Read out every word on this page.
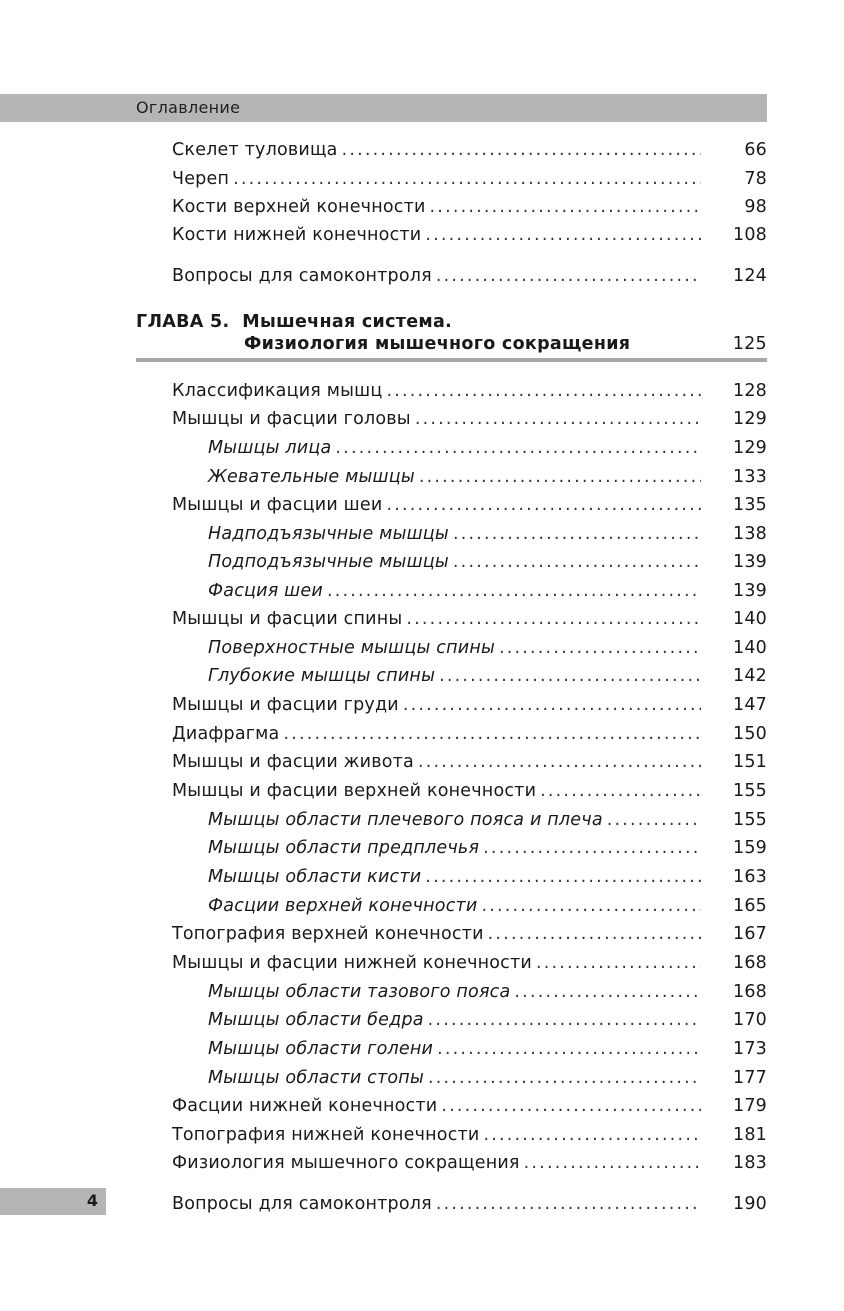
Оглавление
Скелет туловища .....	66
Череп .....	78
Кости верхней конечности .....	98
Кости нижней конечности .....	108
Вопросы для самоконтроля .....	124
ГЛАВА 5. Мышечная система.
Физиология мышечного сокращения	125
Классификация мышц .....	128
Мышцы и фасции головы .....	129
Мышцы лица .....	129
Жевательные мышцы .....	133
Мышцы и фасции шеи .....	135
Надподъязычные мышцы .....	138
Подподъязычные мышцы .....	139
Фасция шеи .....	139
Мышцы и фасции спины .....	140
Поверхностные мышцы спины .....	140
Глубокие мышцы спины .....	142
Мышцы и фасции груди .....	147
Диафрагма .....	150
Мышцы и фасции живота .....	151
Мышцы и фасции верхней конечности .....	155
Мышцы области плечевого пояса и плеча .....	155
Мышцы области предплечья .....	159
Мышцы области кисти .....	163
Фасции верхней конечности .....	165
Топография верхней конечности .....	167
Мышцы и фасции нижней конечности .....	168
Мышцы области тазового пояса .....	168
Мышцы области бедра .....	170
Мышцы области голени .....	173
Мышцы области стопы .....	177
Фасции нижней конечности .....	179
Топография нижней конечности .....	181
Физиология мышечного сокращения .....	183
Вопросы для самоконтроля .....	190
4
